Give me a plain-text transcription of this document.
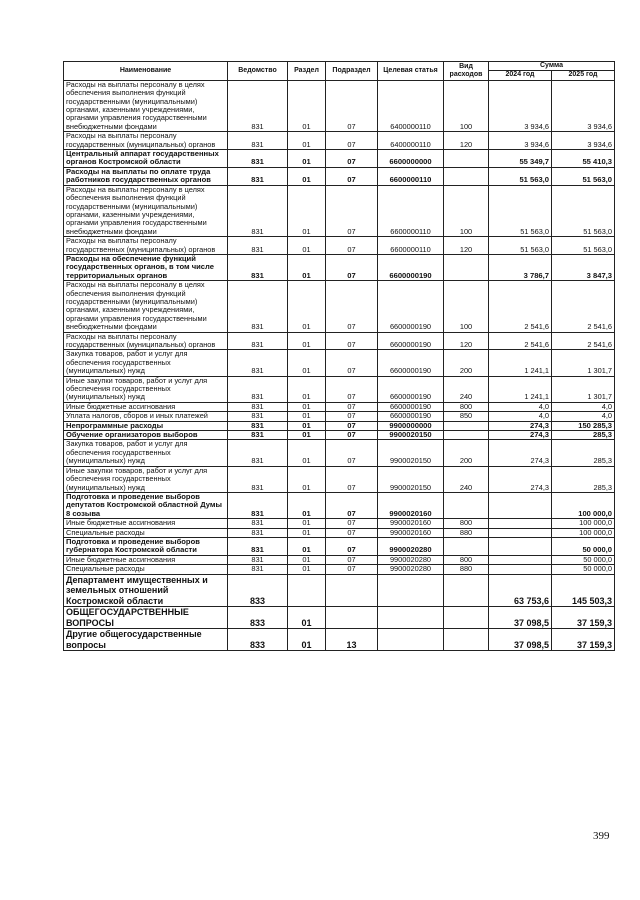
Наименование	Ведомство	Раздел	Подраздел	Целевая статья	Вид расходов	Сумма	
						2024 год	2025 год
Расходы на выплаты персоналу в целях обеспечения выполнения функций государственными (муниципальными) органами, казенными учреждениями, органами управления государственными внебюджетными фондами	831	01	07	6400000110	100	3 934,6	3 934,6
Расходы на выплаты персоналу государственных (муниципальных) органов	831	01	07	6400000110	120	3 934,6	3 934,6
Центральный аппарат государственных органов Костромской области	831	01	07	6600000000		55 349,7	55 410,3
Расходы на выплаты по оплате труда работников государственных органов	831	01	07	6600000110		51 563,0	51 563,0
Расходы на выплаты персоналу в целях обеспечения выполнения функций государственными (муниципальными) органами, казенными учреждениями, органами управления государственными внебюджетными фондами	831	01	07	6600000110	100	51 563,0	51 563,0
Расходы на выплаты персоналу государственных (муниципальных) органов	831	01	07	6600000110	120	51 563,0	51 563,0
Расходы на обеспечение функций государственных органов, в том числе территориальных органов	831	01	07	6600000190		3 786,7	3 847,3
Расходы на выплаты персоналу в целях обеспечения выполнения функций государственными (муниципальными) органами, казенными учреждениями, органами управления государственными внебюджетными фондами	831	01	07	6600000190	100	2 541,6	2 541,6
Расходы на выплаты персоналу государственных (муниципальных) органов	831	01	07	6600000190	120	2 541,6	2 541,6
Закупка товаров, работ и услуг для обеспечения государственных (муниципальных) нужд	831	01	07	6600000190	200	1 241,1	1 301,7
Иные закупки товаров, работ и услуг для обеспечения государственных (муниципальных) нужд	831	01	07	6600000190	240	1 241,1	1 301,7
Иные бюджетные ассигнования	831	01	07	6600000190	800	4,0	4,0
Уплата налогов, сборов и иных платежей	831	01	07	6600000190	850	4,0	4,0
Непрограммные расходы	831	01	07	9900000000		274,3	150 285,3
Обучение организаторов выборов	831	01	07	9900020150		274,3	285,3
Закупка товаров, работ и услуг для обеспечения государственных (муниципальных) нужд	831	01	07	9900020150	200	274,3	285,3
Иные закупки товаров, работ и услуг для обеспечения государственных (муниципальных) нужд	831	01	07	9900020150	240	274,3	285,3
Подготовка и проведение выборов депутатов Костромской областной Думы 8 созыва	831	01	07	9900020160			100 000,0
Иные бюджетные ассигнования	831	01	07	9900020160	800		100 000,0
Специальные расходы	831	01	07	9900020160	880		100 000,0
Подготовка и проведение выборов губернатора Костромской области	831	01	07	9900020280			50 000,0
Иные бюджетные ассигнования	831	01	07	9900020280	800		50 000,0
Специальные расходы	831	01	07	9900020280	880		50 000,0
Департамент имущественных и земельных отношений Костромской области	833					63 753,6	145 503,3
ОБЩЕГОСУДАРСТВЕННЫЕ ВОПРОСЫ	833	01				37 098,5	37 159,3
Другие общегосударственные вопросы	833	01	13			37 098,5	37 159,3
399
